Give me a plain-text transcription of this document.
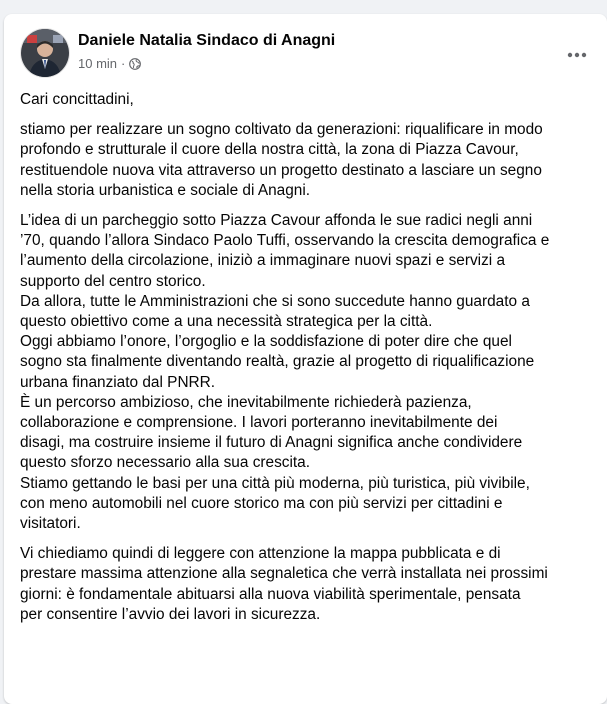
Daniele Natalia Sindaco di Anagni
10 min ·

Cari concittadini,

stiamo per realizzare un sogno coltivato da generazioni: riqualificare in modo
profondo e strutturale il cuore della nostra città, la zona di Piazza Cavour,
restituendole nuova vita attraverso un progetto destinato a lasciare un segno
nella storia urbanistica e sociale di Anagni.

L’idea di un parcheggio sotto Piazza Cavour affonda le sue radici negli anni
’70, quando l’allora Sindaco Paolo Tuffi, osservando la crescita demografica e
l’aumento della circolazione, iniziò a immaginare nuovi spazi e servizi a
supporto del centro storico.
Da allora, tutte le Amministrazioni che si sono succedute hanno guardato a
questo obiettivo come a una necessità strategica per la città.
Oggi abbiamo l’onore, l’orgoglio e la soddisfazione di poter dire che quel
sogno sta finalmente diventando realtà, grazie al progetto di riqualificazione
urbana finanziato dal PNRR.
È un percorso ambizioso, che inevitabilmente richiederà pazienza,
collaborazione e comprensione. I lavori porteranno inevitabilmente dei
disagi, ma costruire insieme il futuro di Anagni significa anche condividere
questo sforzo necessario alla sua crescita.
Stiamo gettando le basi per una città più moderna, più turistica, più vivibile,
con meno automobili nel cuore storico ma con più servizi per cittadini e
visitatori.

Vi chiediamo quindi di leggere con attenzione la mappa pubblicata e di
prestare massima attenzione alla segnaletica che verrà installata nei prossimi
giorni: è fondamentale abituarsi alla nuova viabilità sperimentale, pensata
per consentire l’avvio dei lavori in sicurezza.
